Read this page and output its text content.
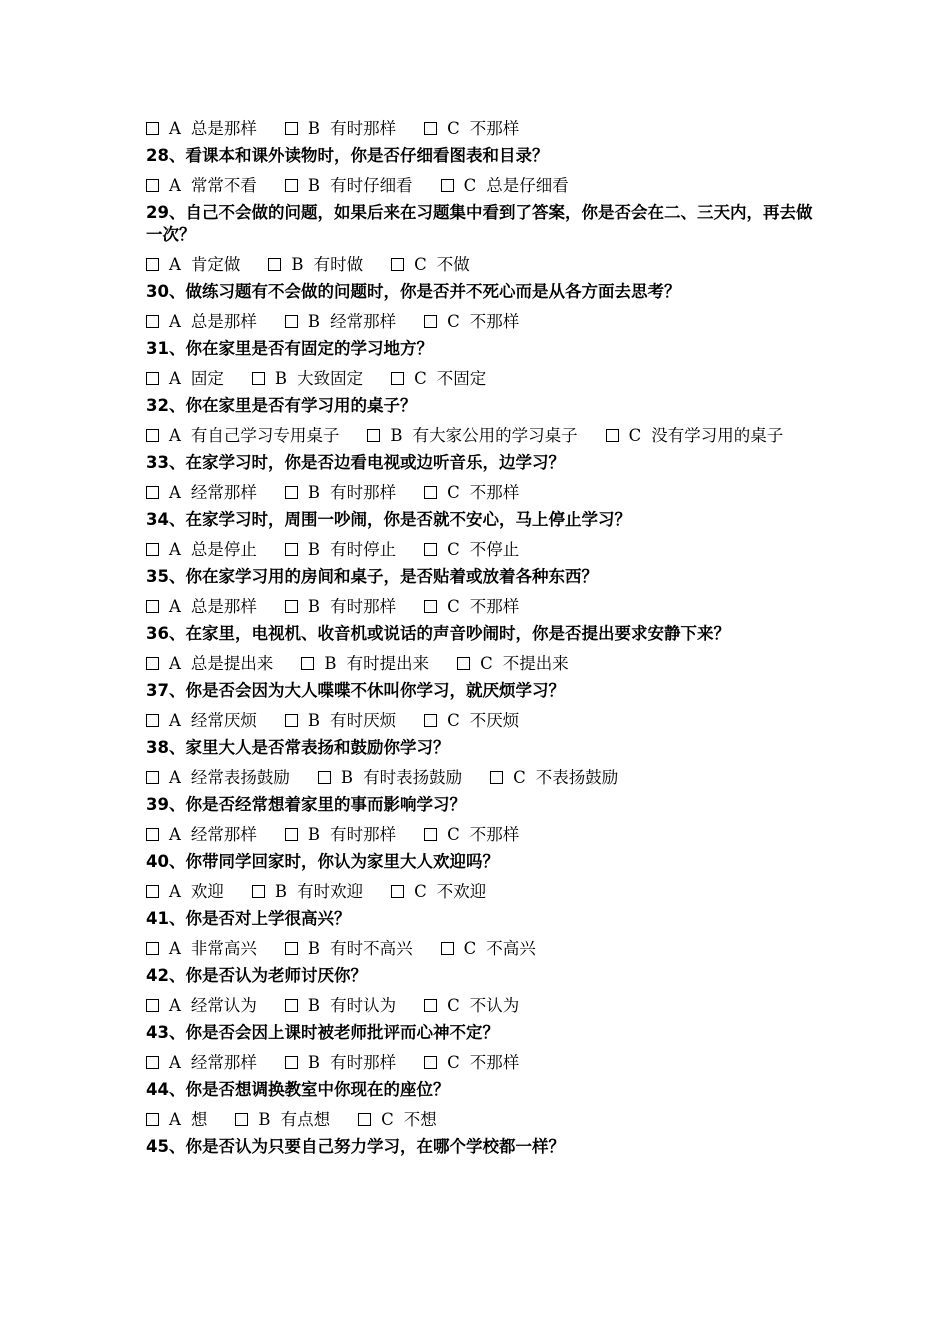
A 总是那样	B 有时那样	C 不那样
28、看课本和课外读物时，你是否仔细看图表和目录？
A 常常不看	B 有时仔细看	C 总是仔细看
29、自己不会做的问题，如果后来在习题集中看到了答案，你是否会在二、三天内，再去做一次？
A 肯定做	B 有时做	C 不做
30、做练习题有不会做的问题时，你是否并不死心而是从各方面去思考？
A 总是那样	B 经常那样	C 不那样
31、你在家里是否有固定的学习地方？
A 固定	B 大致固定	C 不固定
32、你在家里是否有学习用的桌子？
A 有自己学习专用桌子	B 有大家公用的学习桌子	C 没有学习用的桌子
33、在家学习时，你是否边看电视或边听音乐，边学习？
A 经常那样	B 有时那样	C 不那样
34、在家学习时，周围一吵闹，你是否就不安心，马上停止学习？
A 总是停止	B 有时停止	C 不停止
35、你在家学习用的房间和桌子，是否贴着或放着各种东西？
A 总是那样	B 有时那样	C 不那样
36、在家里，电视机、收音机或说话的声音吵闹时，你是否提出要求安静下来？
A 总是提出来	B 有时提出来	C 不提出来
37、你是否会因为大人喋喋不休叫你学习，就厌烦学习？
A 经常厌烦	B 有时厌烦	C 不厌烦
38、家里大人是否常表扬和鼓励你学习？
A 经常表扬鼓励	B 有时表扬鼓励	C 不表扬鼓励
39、你是否经常想着家里的事而影响学习？
A 经常那样	B 有时那样	C 不那样
40、你带同学回家时，你认为家里大人欢迎吗？
A 欢迎	B 有时欢迎	C 不欢迎
41、你是否对上学很高兴？
A 非常高兴	B 有时不高兴	C 不高兴
42、你是否认为老师讨厌你？
A 经常认为	B 有时认为	C 不认为
43、你是否会因上课时被老师批评而心神不定？
A 经常那样	B 有时那样	C 不那样
44、你是否想调换教室中你现在的座位？
A 想	B 有点想	C 不想
45、你是否认为只要自己努力学习，在哪个学校都一样？
